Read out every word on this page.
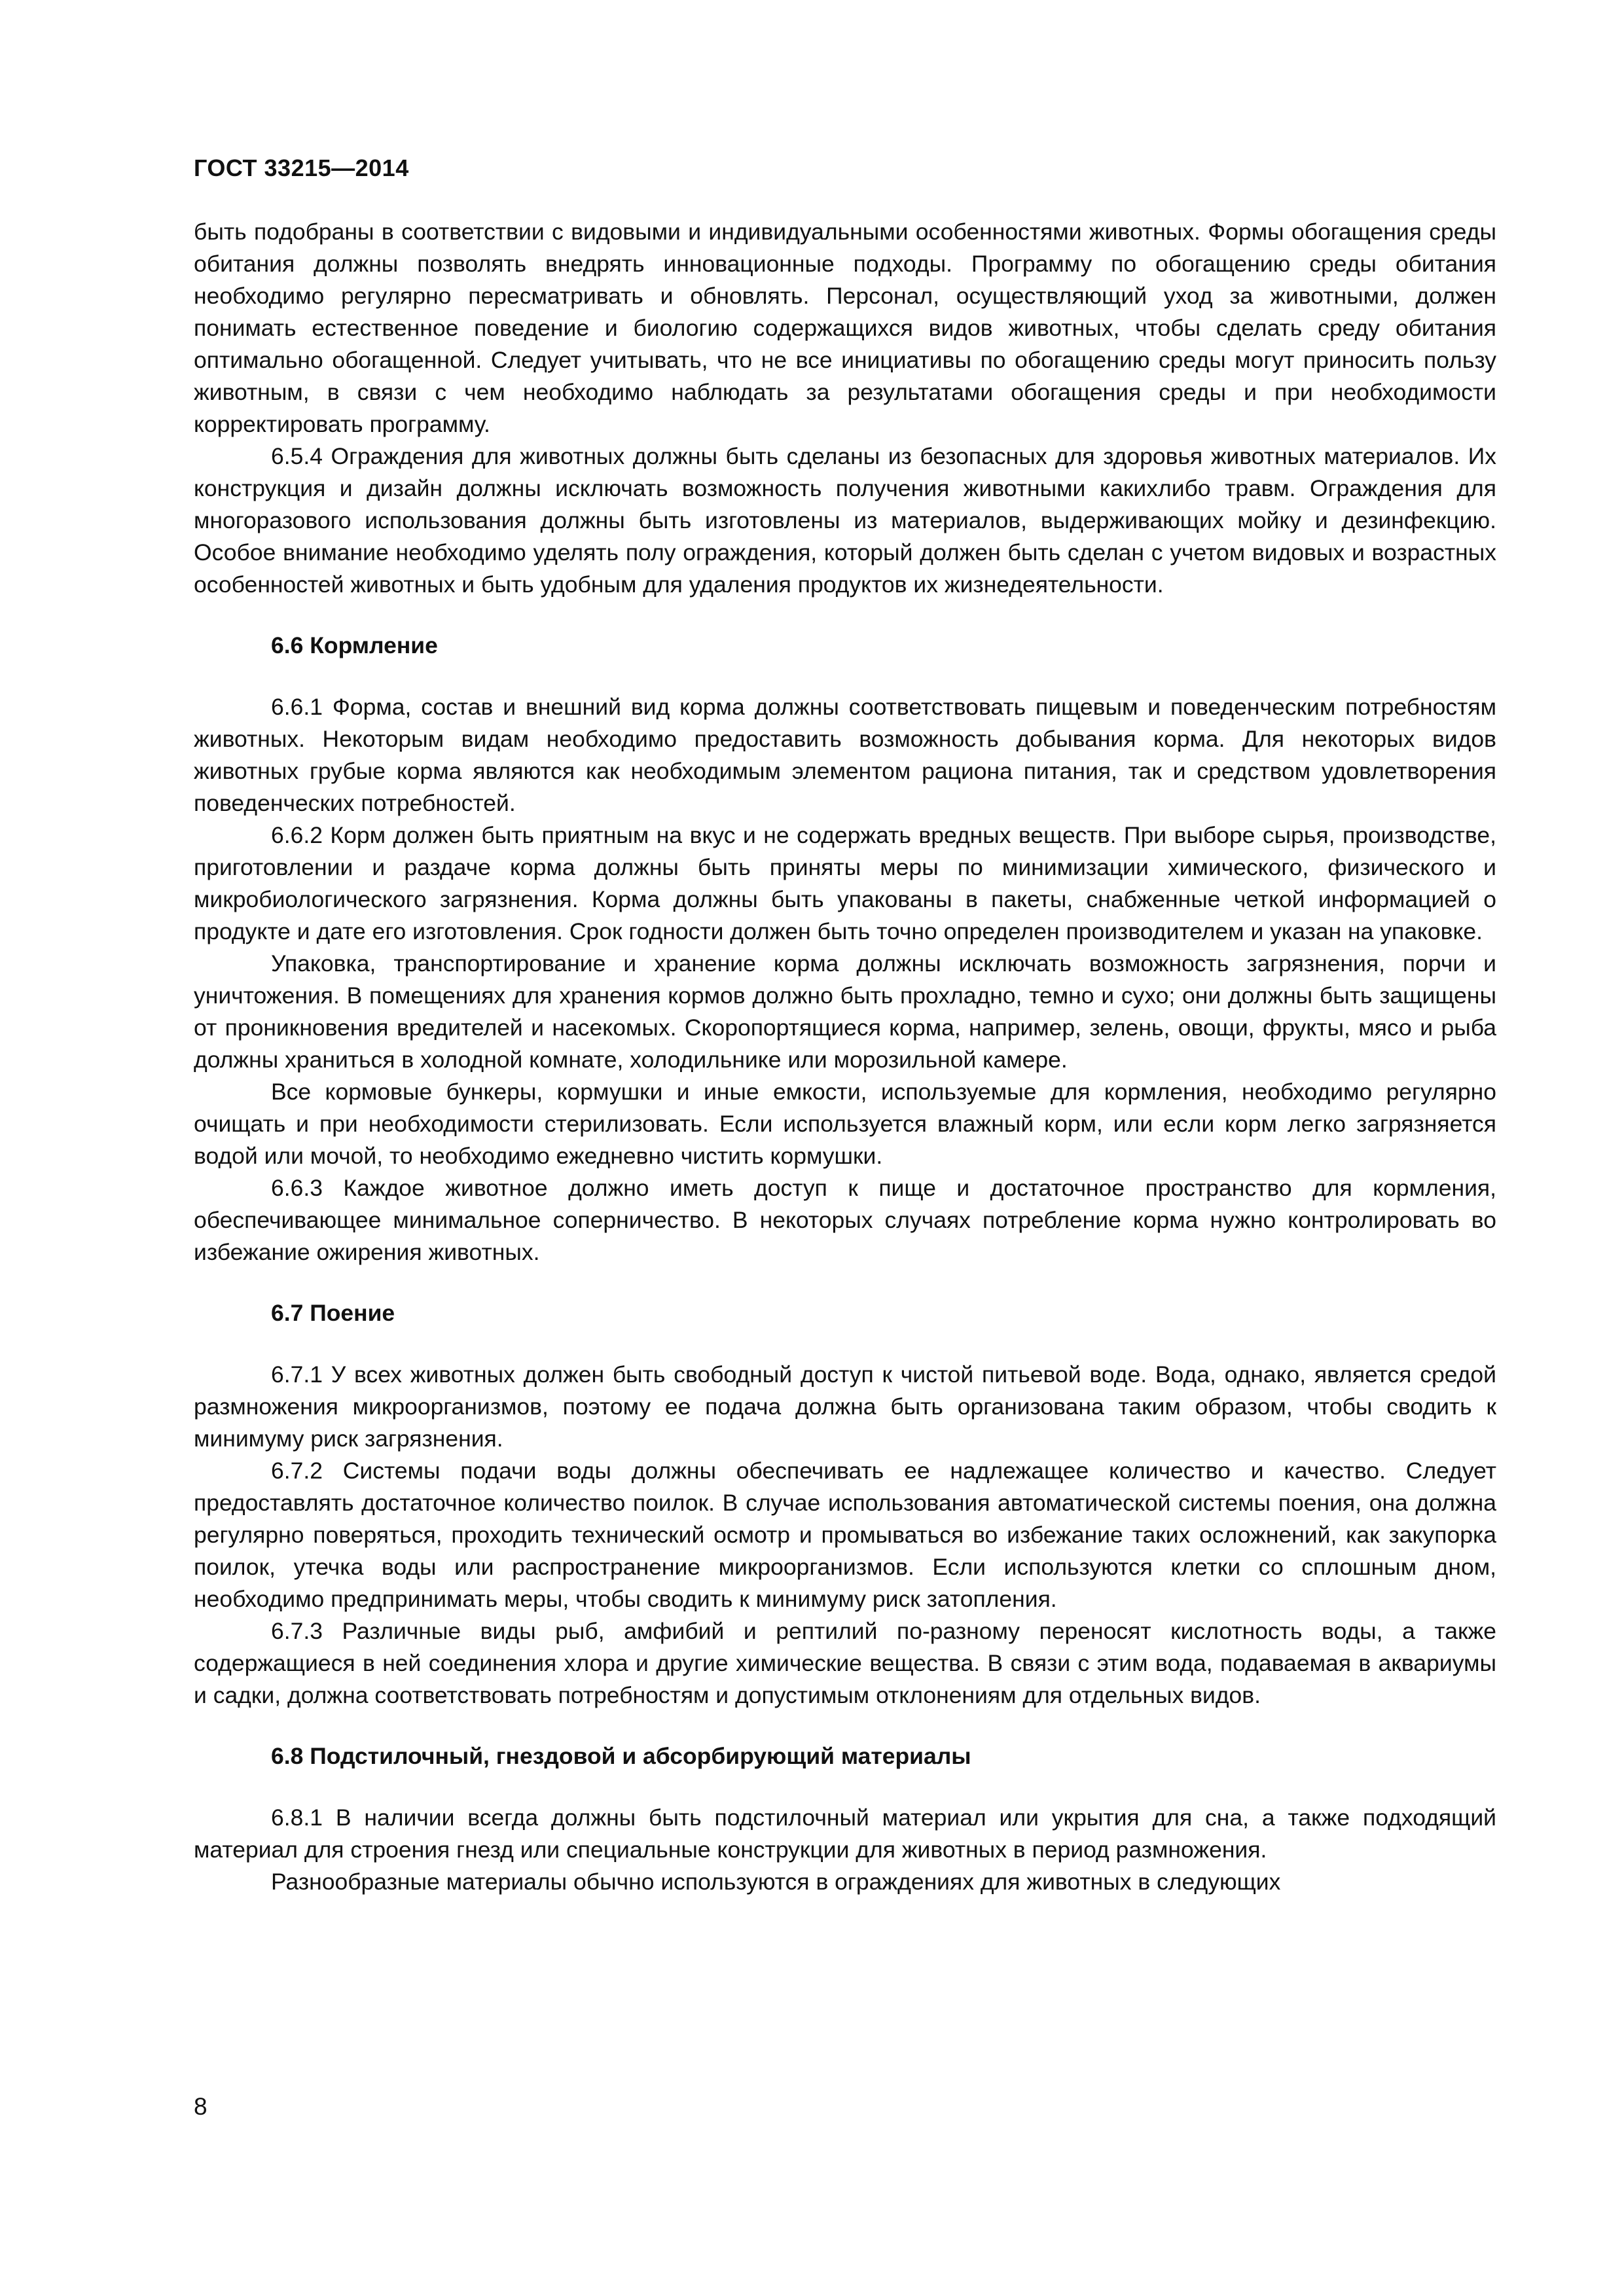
ГОСТ 33215—2014

быть подобраны в соответствии с видовыми и индивидуальными особенностями животных. Формы обогащения среды обитания должны позволять внедрять инновационные подходы. Программу по обогащению среды обитания необходимо регулярно пересматривать и обновлять. Персонал, осуществляющий уход за животными, должен понимать естественное поведение и биологию содержащихся видов животных, чтобы сделать среду обитания оптимально обогащенной. Следует учитывать, что не все инициативы по обогащению среды могут приносить пользу животным, в связи с чем необходимо наблюдать за результатами обогащения среды и при необходимости корректировать программу.

6.5.4 Ограждения для животных должны быть сделаны из безопасных для здоровья животных материалов. Их конструкция и дизайн должны исключать возможность получения животными какихлибо травм. Ограждения для многоразового использования должны быть изготовлены из материалов, выдерживающих мойку и дезинфекцию. Особое внимание необходимо уделять полу ограждения, который должен быть сделан с учетом видовых и возрастных особенностей животных и быть удобным для удаления продуктов их жизнедеятельности.

6.6 Кормление

6.6.1 Форма, состав и внешний вид корма должны соответствовать пищевым и поведенческим потребностям животных. Некоторым видам необходимо предоставить возможность добывания корма. Для некоторых видов животных грубые корма являются как необходимым элементом рациона питания, так и средством удовлетворения поведенческих потребностей.

6.6.2 Корм должен быть приятным на вкус и не содержать вредных веществ. При выборе сырья, производстве, приготовлении и раздаче корма должны быть приняты меры по минимизации химического, физического и микробиологического загрязнения. Корма должны быть упакованы в пакеты, снабженные четкой информацией о продукте и дате его изготовления. Срок годности должен быть точно определен производителем и указан на упаковке.

Упаковка, транспортирование и хранение корма должны исключать возможность загрязнения, порчи и уничтожения. В помещениях для хранения кормов должно быть прохладно, темно и сухо; они должны быть защищены от проникновения вредителей и насекомых. Скоропортящиеся корма, например, зелень, овощи, фрукты, мясо и рыба должны храниться в холодной комнате, холодильнике или морозильной камере.

Все кормовые бункеры, кормушки и иные емкости, используемые для кормления, необходимо регулярно очищать и при необходимости стерилизовать. Если используется влажный корм, или если корм легко загрязняется водой или мочой, то необходимо ежедневно чистить кормушки.

6.6.3 Каждое животное должно иметь доступ к пище и достаточное пространство для кормления, обеспечивающее минимальное соперничество. В некоторых случаях потребление корма нужно контролировать во избежание ожирения животных.

6.7 Поение

6.7.1 У всех животных должен быть свободный доступ к чистой питьевой воде. Вода, однако, является средой размножения микроорганизмов, поэтому ее подача должна быть организована таким образом, чтобы сводить к минимуму риск загрязнения.

6.7.2 Системы подачи воды должны обеспечивать ее надлежащее количество и качество. Следует предоставлять достаточное количество поилок. В случае использования автоматической системы поения, она должна регулярно поверяться, проходить технический осмотр и промываться во избежание таких осложнений, как закупорка поилок, утечка воды или распространение микроорганизмов. Если используются клетки со сплошным дном, необходимо предпринимать меры, чтобы сводить к минимуму риск затопления.

6.7.3 Различные виды рыб, амфибий и рептилий по-разному переносят кислотность воды, а также содержащиеся в ней соединения хлора и другие химические вещества. В связи с этим вода, подаваемая в аквариумы и садки, должна соответствовать потребностям и допустимым отклонениям для отдельных видов.

6.8 Подстилочный, гнездовой и абсорбирующий материалы

6.8.1 В наличии всегда должны быть подстилочный материал или укрытия для сна, а также подходящий материал для строения гнезд или специальные конструкции для животных в период размножения.

Разнообразные материалы обычно используются в ограждениях для животных в следующих

8
